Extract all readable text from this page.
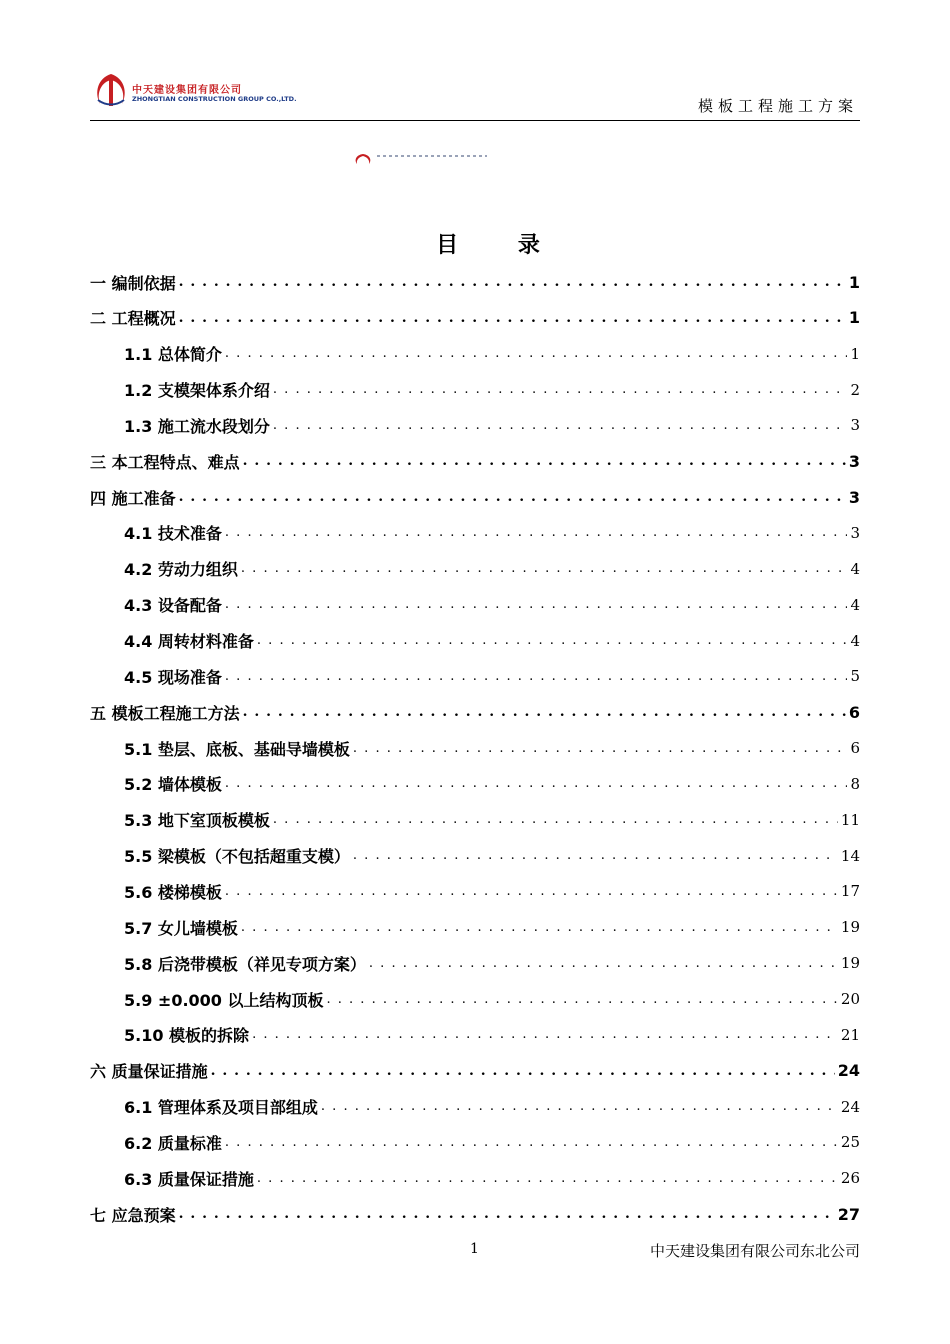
中天建设集团有限公司
ZHONGTIAN CONSTRUCTION GROUP CO.,LTD.	模板工程施工方案
目 录
一 编制依据 . . .	1
二 工程概况 . . .	1
1.1 总体简介 . . .	1
1.2 支模架体系介绍 . . .	2
1.3 施工流水段划分 . . .	3
三 本工程特点、难点 . . .	3
四 施工准备 . . .	3
4.1 技术准备 . . .	3
4.2 劳动力组织 . . .	4
4.3 设备配备 . . .	4
4.4 周转材料准备 . . .	4
4.5 现场准备 . . .	5
五 模板工程施工方法 . . .	6
5.1 垫层、底板、基础导墙模板 . . .	6
5.2 墙体模板 . . .	8
5.3 地下室顶板模板 . . .	11
5.5 梁模板（不包括超重支模） . . .	14
5.6 楼梯模板 . . .	17
5.7 女儿墙模板 . . .	19
5.8 后浇带模板（祥见专项方案） . . .	19
5.9 ±0.000 以上结构顶板 . . .	20
5.10 模板的拆除 . . .	21
六 质量保证措施 . . .	24
6.1 管理体系及项目部组成 . . .	24
6.2 质量标准 . . .	25
6.3 质量保证措施 . . .	26
七 应急预案 . . .	27
1	中天建设集团有限公司东北公司
